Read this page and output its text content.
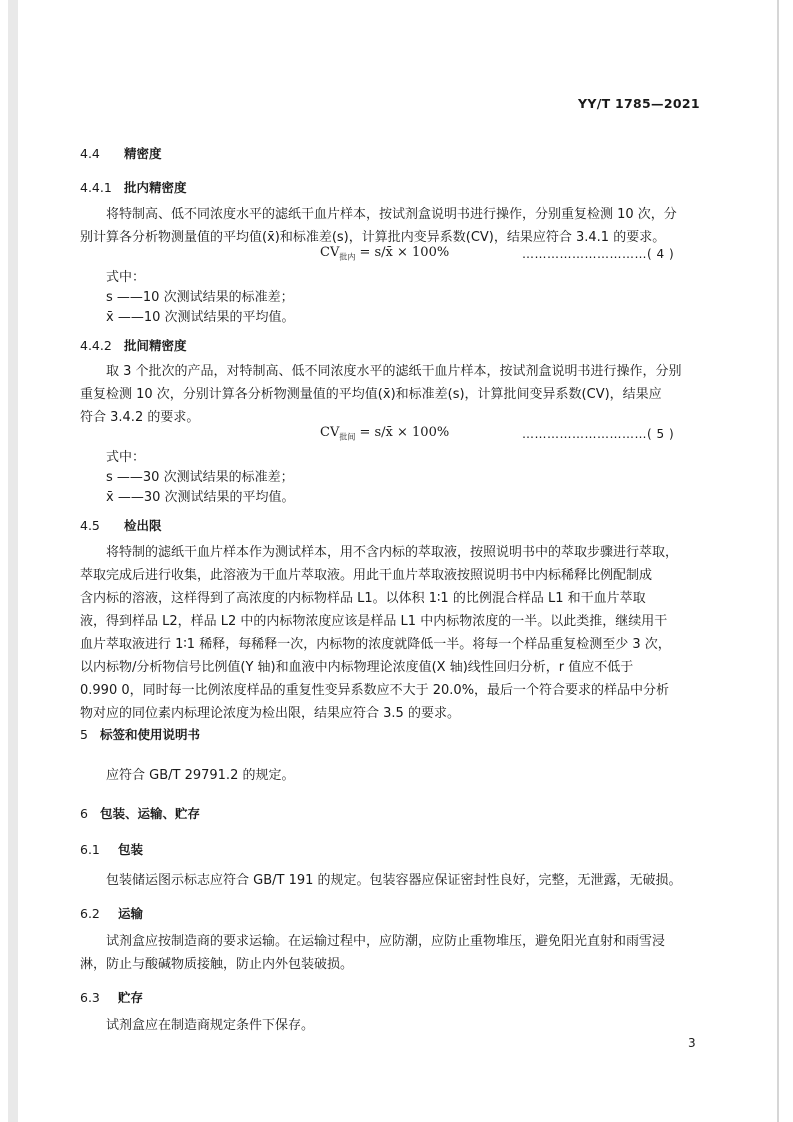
YY/T 1785—2021
4.4 精密度
4.4.1 批内精密度
将特制高、低不同浓度水平的滤纸干血片样本，按试剂盒说明书进行操作，分别重复检测 10 次，分
别计算各分析物测量值的平均值(x̄)和标准差(s)，计算批内变异系数(CV)，结果应符合 3.4.1 的要求。
$CV_{批内}$ = s/x̄ × 100%	…………………………( 4 )
式中：
s ——10 次测试结果的标准差；
x̄ ——10 次测试结果的平均值。
4.4.2 批间精密度
取 3 个批次的产品，对特制高、低不同浓度水平的滤纸干血片样本，按试剂盒说明书进行操作，分别
重复检测 10 次，分别计算各分析物测量值的平均值(x̄)和标准差(s)，计算批间变异系数(CV)，结果应
符合 3.4.2 的要求。
$CV_{批间}$ = s/x̄ × 100%	…………………………( 5 )
式中：
s ——30 次测试结果的标准差；
x̄ ——30 次测试结果的平均值。
4.5 检出限
将特制的滤纸干血片样本作为测试样本，用不含内标的萃取液，按照说明书中的萃取步骤进行萃取，
萃取完成后进行收集，此溶液为干血片萃取液。用此干血片萃取液按照说明书中内标稀释比例配制成
含内标的溶液，这样得到了高浓度的内标物样品 L1。以体积 1∶1 的比例混合样品 L1 和干血片萃取
液，得到样品 L2，样品 L2 中的内标物浓度应该是样品 L1 中内标物浓度的一半。以此类推，继续用干
血片萃取液进行 1∶1 稀释，每稀释一次，内标物的浓度就降低一半。将每一个样品重复检测至少 3 次，
以内标物/分析物信号比例值(Y 轴)和血液中内标物理论浓度值(X 轴)线性回归分析，r 值应不低于
0.990 0，同时每一比例浓度样品的重复性变异系数应不大于 20.0%，最后一个符合要求的样品中分析
物对应的同位素内标理论浓度为检出限，结果应符合 3.5 的要求。
5 标签和使用说明书
应符合 GB/T 29791.2 的规定。
6 包装、运输、贮存
6.1 包装
包装储运图示标志应符合 GB/T 191 的规定。包装容器应保证密封性良好，完整，无泄露，无破损。
6.2 运输
试剂盒应按制造商的要求运输。在运输过程中，应防潮，应防止重物堆压，避免阳光直射和雨雪浸
淋，防止与酸碱物质接触，防止内外包装破损。
6.3 贮存
试剂盒应在制造商规定条件下保存。
3
